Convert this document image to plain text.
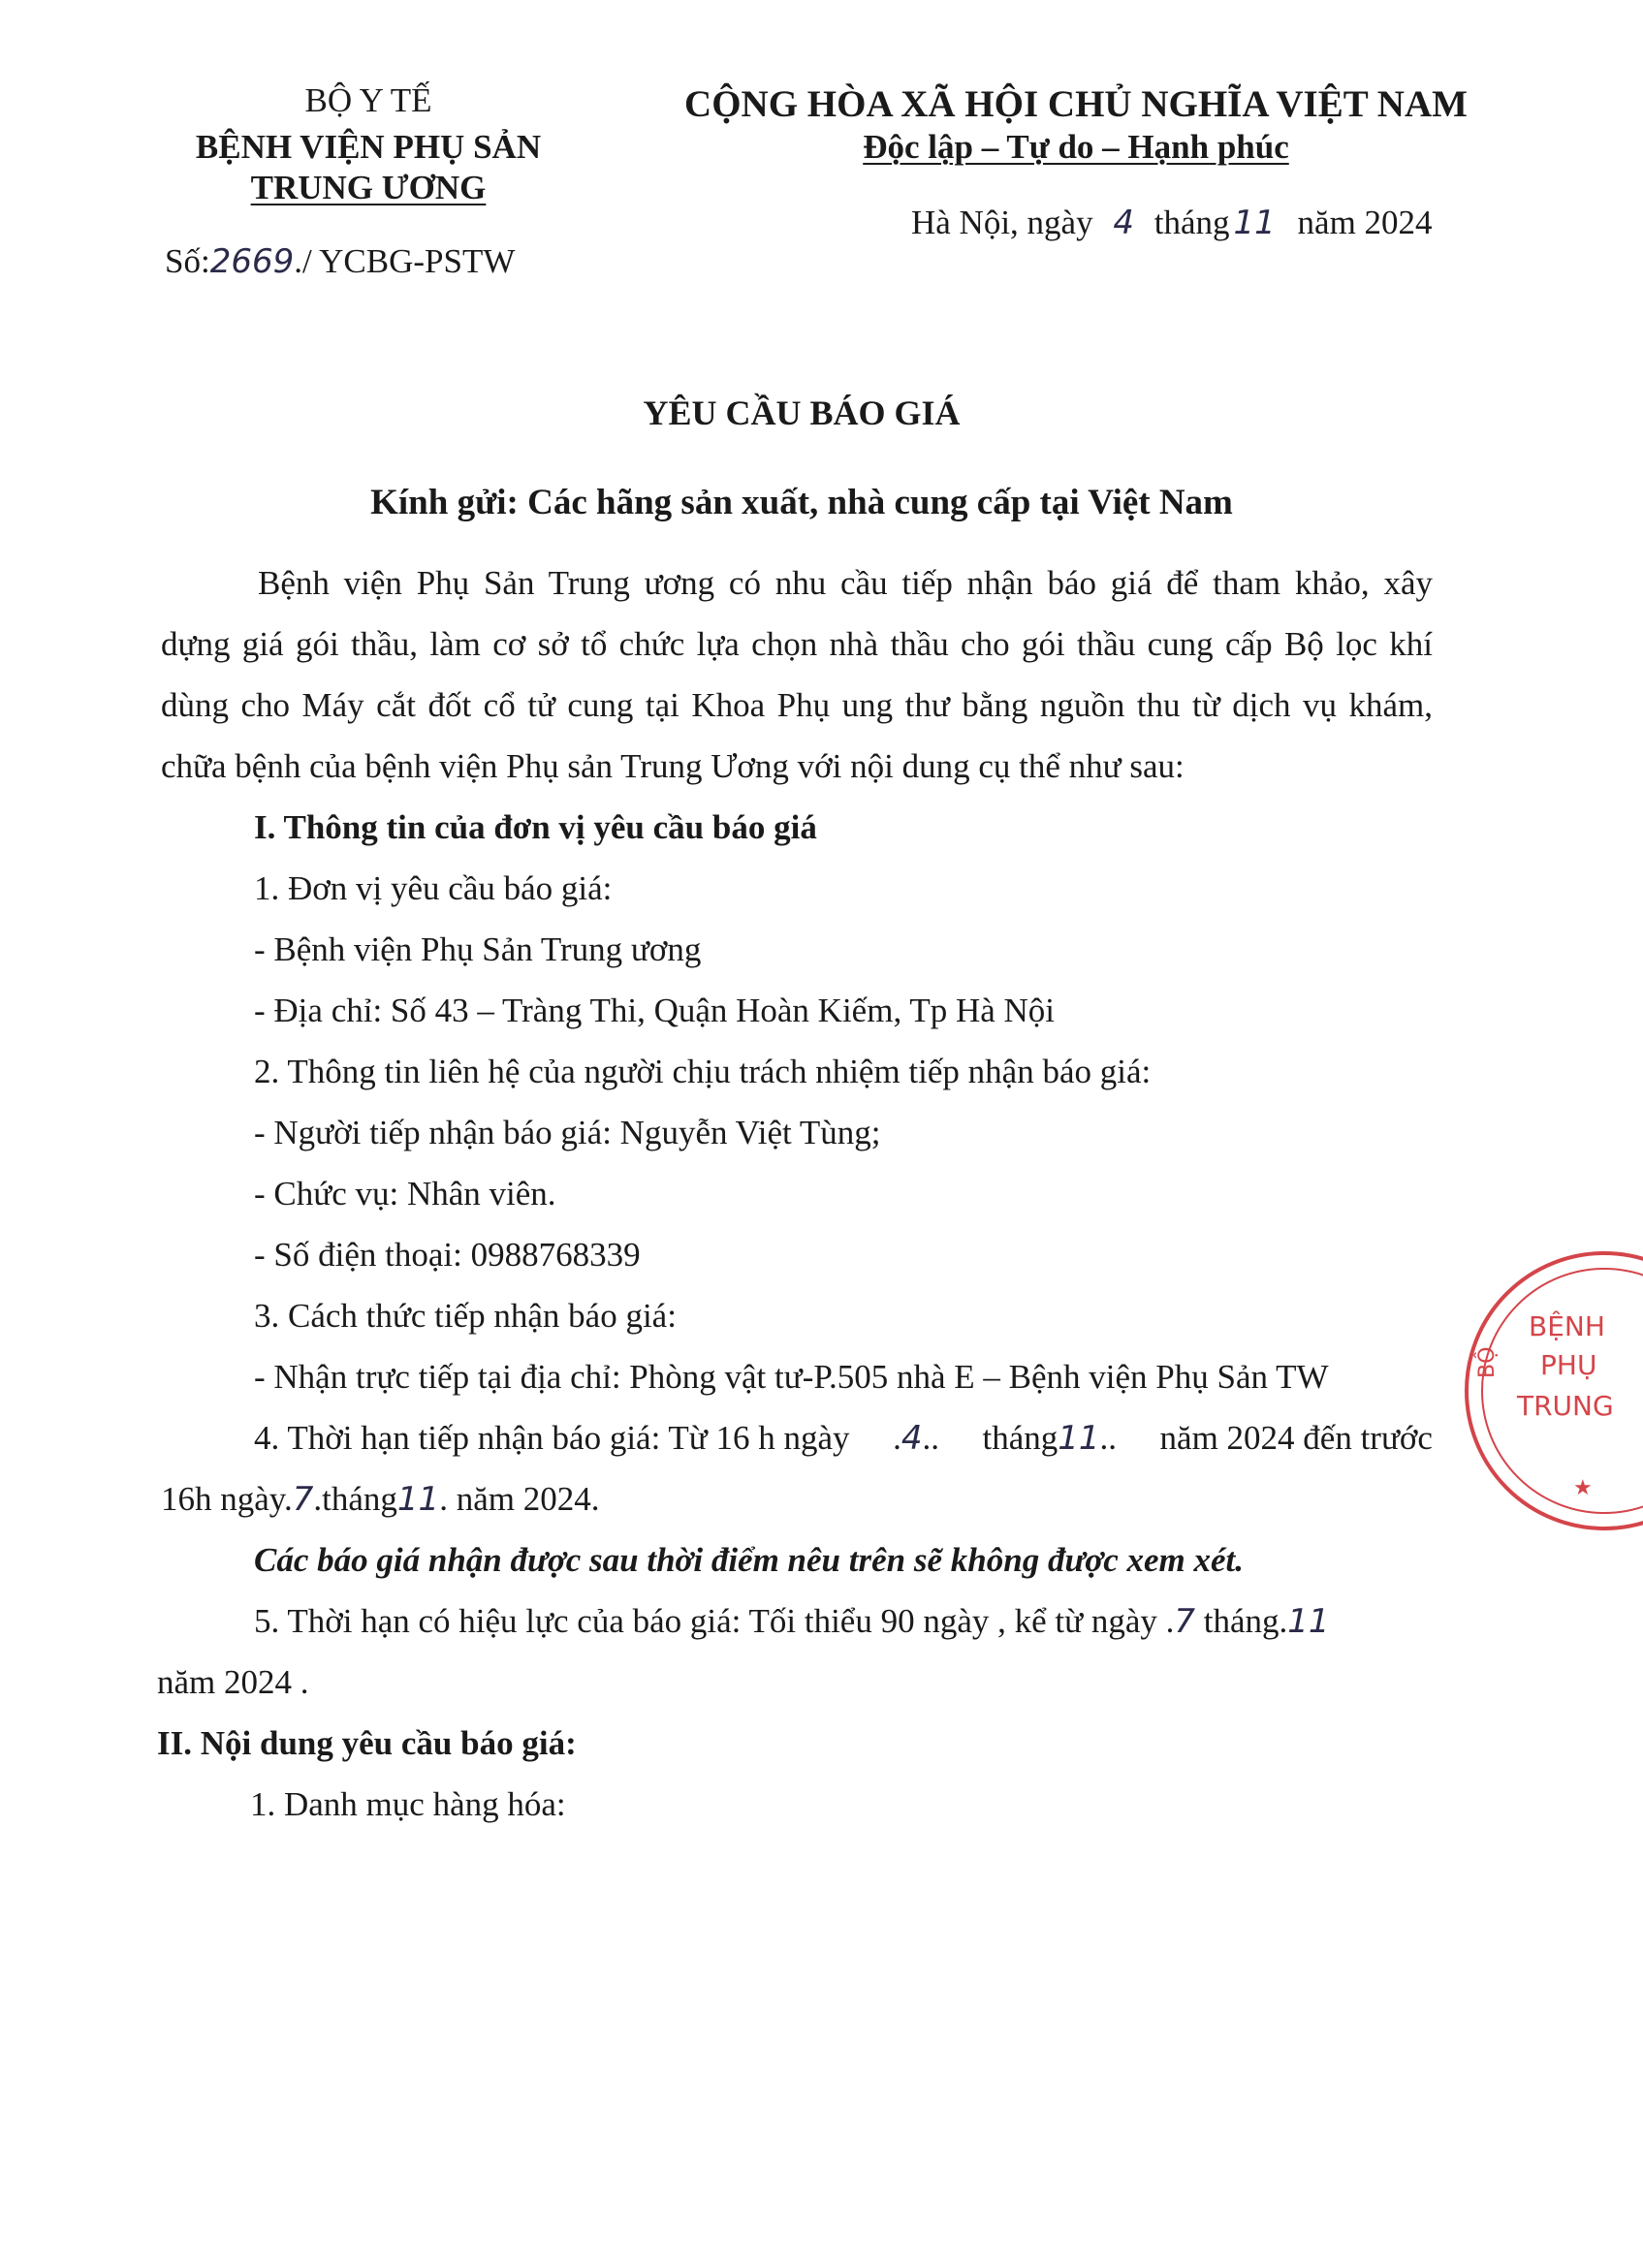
BỘ Y TẾ
BỆNH VIỆN PHỤ SẢN
TRUNG ƯƠNG
Số:2669./ YCBG-PSTW
CỘNG HÒA XÃ HỘI CHỦ NGHĨA VIỆT NAM
Độc lập – Tự do – Hạnh phúc
Hà Nội, ngày 4 tháng 11 năm 2024
YÊU CẦU BÁO GIÁ
Kính gửi: Các hãng sản xuất, nhà cung cấp tại Việt Nam
Bệnh viện Phụ Sản Trung ương có nhu cầu tiếp nhận báo giá để tham khảo, xây
dựng giá gói thầu, làm cơ sở tổ chức lựa chọn nhà thầu cho gói thầu cung cấp Bộ lọc khí
dùng cho Máy cắt đốt cổ tử cung tại Khoa Phụ ung thư bằng nguồn thu từ dịch vụ khám,
chữa bệnh của bệnh viện Phụ sản Trung Ương với nội dung cụ thể như sau:
I. Thông tin của đơn vị yêu cầu báo giá
1. Đơn vị yêu cầu báo giá:
- Bệnh viện Phụ Sản Trung ương
- Địa chỉ: Số 43 – Tràng Thi, Quận Hoàn Kiếm, Tp Hà Nội
2. Thông tin liên hệ của người chịu trách nhiệm tiếp nhận báo giá:
- Người tiếp nhận báo giá: Nguyễn Việt Tùng;
- Chức vụ: Nhân viên.
- Số điện thoại: 0988768339
3. Cách thức tiếp nhận báo giá:
- Nhận trực tiếp tại địa chỉ: Phòng vật tư-P.505 nhà E – Bệnh viện Phụ Sản TW
4. Thời hạn tiếp nhận báo giá: Từ 16 h ngày .4.. tháng11.. năm 2024 đến trước
16h ngày.7.tháng11. năm 2024.
Các báo giá nhận được sau thời điểm nêu trên sẽ không được xem xét.
5. Thời hạn có hiệu lực của báo giá: Tối thiểu 90 ngày , kể từ ngày .7 tháng.11
năm 2024 .
II. Nội dung yêu cầu báo giá:
1. Danh mục hàng hóa:
BỆNH
PHỤ
TRUNG
BỘ
★
